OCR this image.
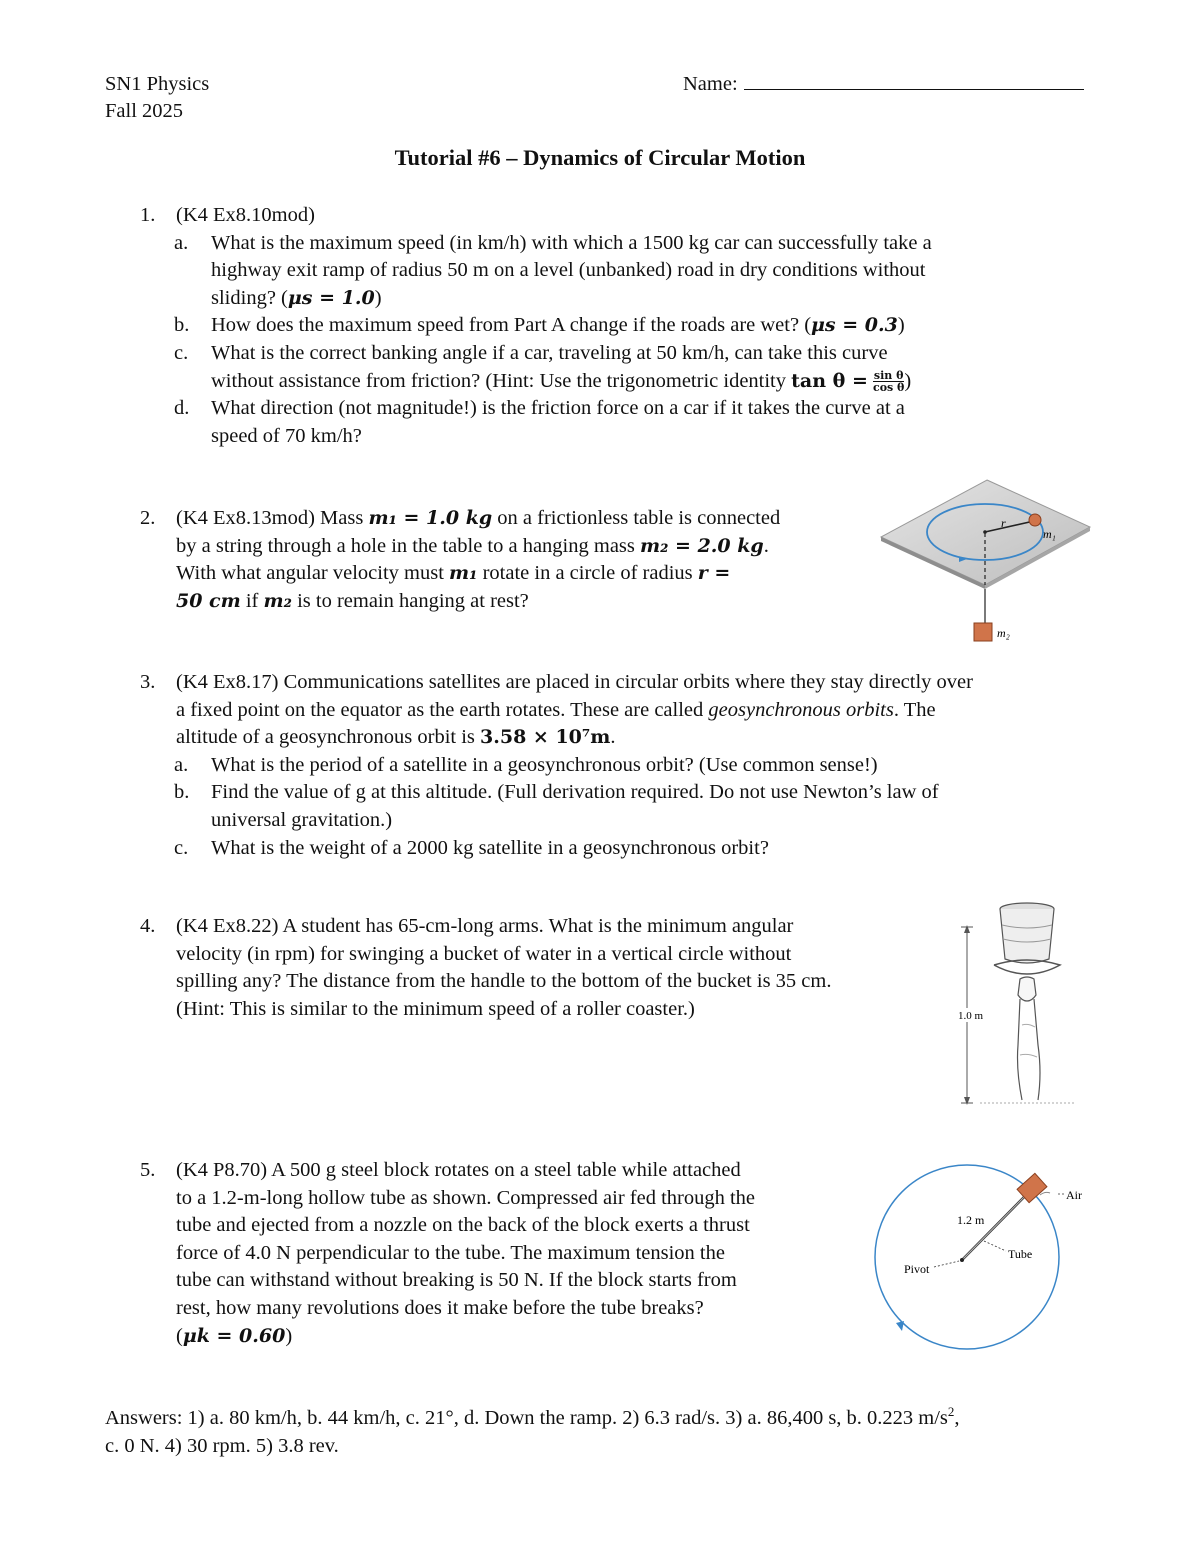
SN1 Physics
Fall 2025
Name:
Tutorial #6 – Dynamics of Circular Motion
1.	(K4 Ex8.10mod)
a. What is the maximum speed (in km/h) with which a 1500 kg car can successfully take a
highway exit ramp of radius 50 m on a level (unbanked) road in dry conditions without
sliding? (μs = 1.0)
b. How does the maximum speed from Part A change if the roads are wet? (μs = 0.3)
c. What is the correct banking angle if a car, traveling at 50 km/h, can take this curve
without assistance from friction? (Hint: Use the trigonometric identity $\tan \theta = \frac{\text{sin θ}}{\text{cos θ}}$ )
d. What direction (not magnitude!) is the friction force on a car if it takes the curve at a
speed of 70 km/h?
2.	(K4 Ex8.13mod) Mass m₁ = 1.0 kg on a frictionless table is connected
by a string through a hole in the table to a hanging mass m₂ = 2.0 kg.
With what angular velocity must m₁ rotate in a circle of radius r =
50 cm if m₂ is to remain hanging at rest?
r
m₁
m₂
3.	(K4 Ex8.17) Communications satellites are placed in circular orbits where they stay directly over
a fixed point on the equator as the earth rotates. These are called geosynchronous orbits. The
altitude of a geosynchronous orbit is 3.58 × 10⁷m.
a. What is the period of a satellite in a geosynchronous orbit? (Use common sense!)
b. Find the value of g at this altitude. (Full derivation required. Do not use Newton’s law of
universal gravitation.)
c. What is the weight of a 2000 kg satellite in a geosynchronous orbit?
4.	(K4 Ex8.22) A student has 65-cm-long arms. What is the minimum angular
velocity (in rpm) for swinging a bucket of water in a vertical circle without
spilling any? The distance from the handle to the bottom of the bucket is 35 cm.
(Hint: This is similar to the minimum speed of a roller coaster.)	1.0 m
5.	(K4 P8.70) A 500 g steel block rotates on a steel table while attached
to a 1.2-m-long hollow tube as shown. Compressed air fed through the
tube and ejected from a nozzle on the back of the block exerts a thrust
force of 4.0 N perpendicular to the tube. The maximum tension the
tube can withstand without breaking is 50 N. If the block starts from
rest, how many revolutions does it make before the tube breaks?
(μk = 0.60)
1.2 m
Air
Tube
Pivot
Answers: 1) a. 80 km/h, b. 44 km/h, c. 21°, d. Down the ramp. 2) 6.3 rad/s. 3) a. 86,400 s, b. 0.223 $m/s^2$,
c. 0 N. 4) 30 rpm. 5) 3.8 rev.
